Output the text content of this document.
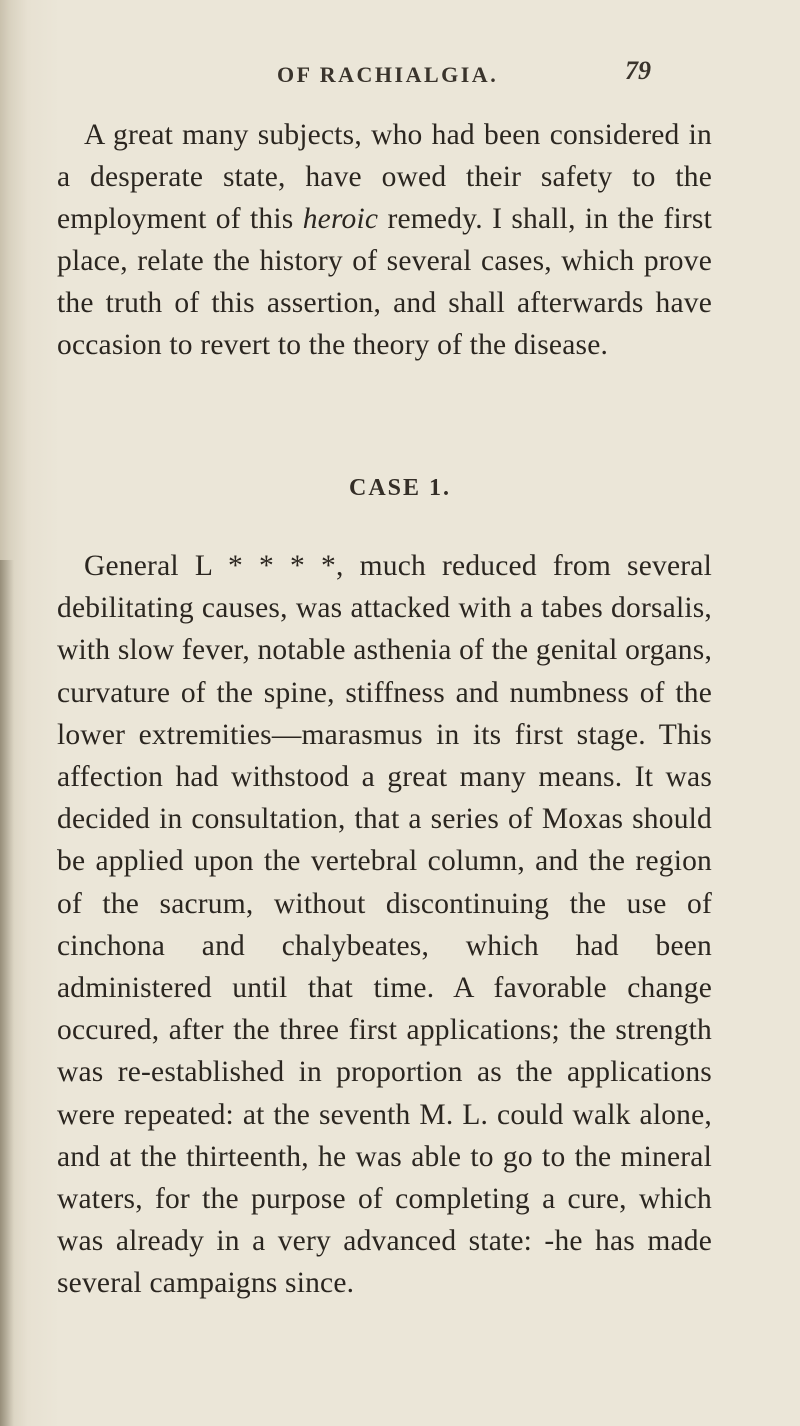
OF RACHIALGIA.	79

A great many subjects, who had been considered in a desperate state, have owed their safety to the employment of this heroic remedy. I shall, in the first place, relate the history of several cases, which prove the truth of this assertion, and shall afterwards have occasion to revert to the theory of the disease.

CASE 1.

General L * * * *, much reduced from several debilitating causes, was attacked with a tabes dorsalis, with slow fever, notable asthenia of the genital organs, curvature of the spine, stiffness and numbness of the lower extremities—marasmus in its first stage. This affection had withstood a great many means. It was decided in consultation, that a series of Moxas should be applied upon the vertebral column, and the region of the sacrum, without discontinuing the use of cinchona and chalybeates, which had been administered until that time. A favorable change occured, after the three first applications; the strength was re-established in proportion as the applications were repeated: at the seventh M. L. could walk alone, and at the thirteenth, he was able to go to the mineral waters, for the purpose of completing a cure, which was already in a very advanced state: -he has made several campaigns since.
